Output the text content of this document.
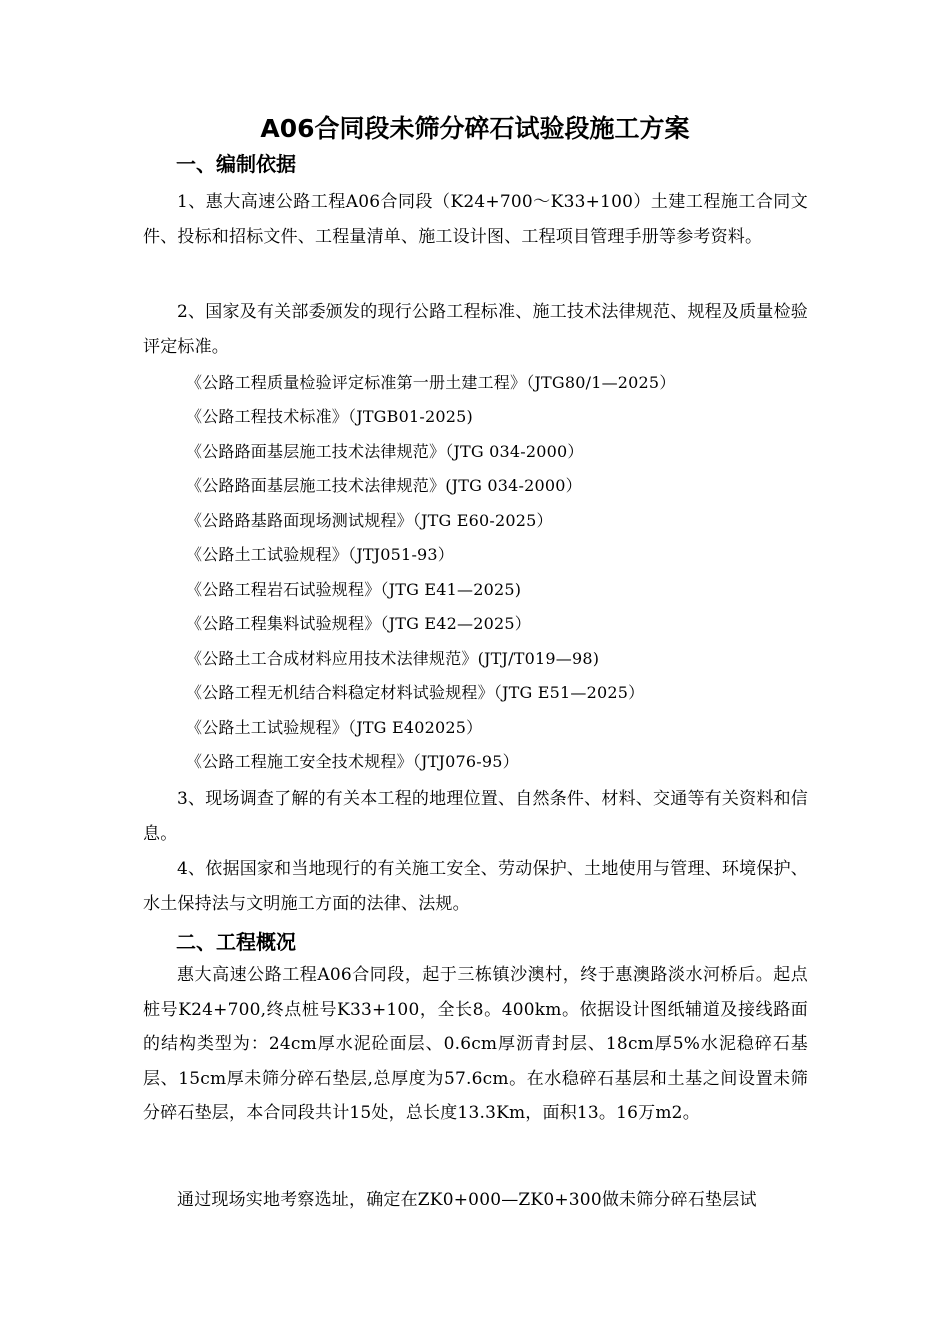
A06合同段未筛分碎石试验段施工方案
一、编制依据

1、惠大高速公路工程A06合同段（K24+700～K33+100）土建工程施工合同文件、投标和招标文件、工程量清单、施工设计图、工程项目管理手册等参考资料。

2、国家及有关部委颁发的现行公路工程标准、施工技术法律规范、规程及质量检验评定标准。

《公路工程质量检验评定标准第一册土建工程》（JTG80/1—2025）

《公路工程技术标准》（JTGB01-2025)

《公路路面基层施工技术法律规范》（JTG 034-2000）

《公路路面基层施工技术法律规范》(JTG 034-2000）

《公路路基路面现场测试规程》（JTG E60-2025）

《公路土工试验规程》（JTJ051-93）

《公路工程岩石试验规程》（JTG E41—2025)

《公路工程集料试验规程》（JTG E42—2025）

《公路土工合成材料应用技术法律规范》(JTJ/T019—98)

《公路工程无机结合料稳定材料试验规程》（JTG E51—2025）

《公路土工试验规程》（JTG E402025）

《公路工程施工安全技术规程》（JTJ076-95）

3、现场调查了解的有关本工程的地理位置、自然条件、材料、交通等有关资料和信息。

4、依据国家和当地现行的有关施工安全、劳动保护、土地使用与管理、环境保护、水土保持法与文明施工方面的法律、法规。

二、工程概况

惠大高速公路工程A06合同段，起于三栋镇沙澳村，终于惠澳路淡水河桥后。起点桩号K24+700,终点桩号K33+100，全长8。400km。依据设计图纸辅道及接线路面的结构类型为：24cm厚水泥砼面层、0.6cm厚沥青封层、18cm厚5%水泥稳碎石基层、15cm厚未筛分碎石垫层,总厚度为57.6cm。在水稳碎石基层和土基之间设置未筛分碎石垫层，本合同段共计15处，总长度13.3Km，面积13。16万m2。

通过现场实地考察选址，确定在ZK0+000—ZK0+300做未筛分碎石垫层试
